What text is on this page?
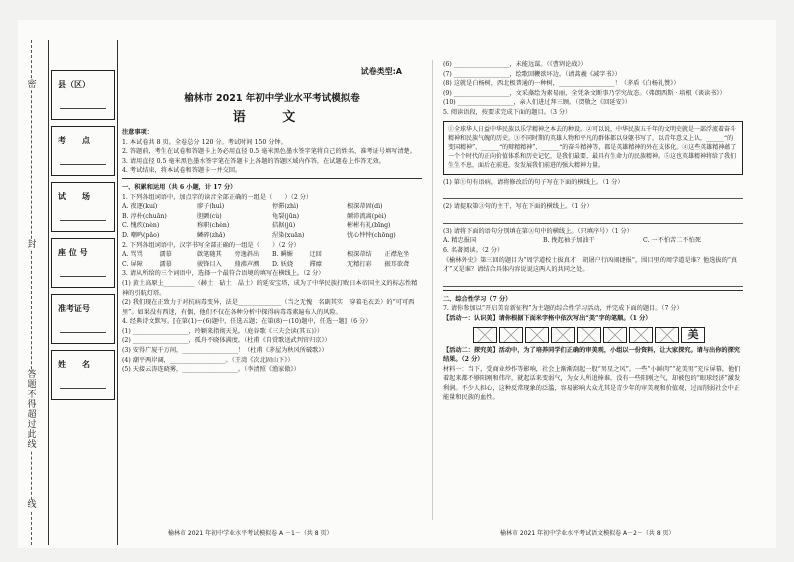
密
封
答题不得超过此线
线
县（区）
考　　点
试　　场
座 位 号
准考证号
姓　　名
试卷类型:A
榆林市 2021 年初中学业水平考试模拟卷
语 文
注意事项：
1. 本试卷共 8 页。全卷总分 120 分。考试时间 150 分钟。
2. 答题前，考生在试卷和答题卡上务必用直径 0.5 毫米黑色墨水签字笔将自己的姓名、准考证号填写清楚。
3. 请用直径 0.5 毫米黑色墨水签字笔在答题卡上各题的答题区域内作答，在试题卷上作答无效。
4. 考试结束，将本试卷和答题卡一并交回。
一、积累和运用（共 6 小题，计 17 分）
1. 下列各组词语中，加点字的读音全部正确的一组是（　　）（2 分）
A. 夜逐(kuí)	廖子(huì)	停滞(zhì)	根深蒂固(dì)
B. 淳朴(chuān)	胆颤(cù)	龟裂(jūn)	颠沛流离(pèi)
C. 愧疚(nèn)	称职(chèn)	拮据(jū)	彬彬有礼(bīng)
D. 嘲鸣(pǎo)	鳞碎(zhǎ)	涅染(xuān)	忧心忡忡(chōng)
2. 下列各组词语中，汉字书写全部正确的一组是（　　）（2 分）
A. 骂骂	濡慕	啟笔随其	旁逸斜出	B. 瞬媚	迂回	根深蒂结	正襟危坐
C. 屏障	濡慕	骏锋目入	鼎沸声溯	D. 妖娆	滞瘴	无精打彩	振耳欲聋
3. 请从所给的三个词语中，选择一个最符合语境的填写在横线上。（2 分）
(1) 黄土高原上__________（赫土　砧土　晶土）的延安宝塔，成为了中华民族打败日本帝国主义的标志性精神的引航灯塔。
(2) 我们现在正致力于对抗病毒变异，法是______________（当之无愧　名副其实　穿着毛衣丢）的“可可西里”。如果没有西迷，有偶，他们不仅在各种分析中探得病毒毒素遍布人的风险。
4. 经典诗文默写。[在第(1)～(6)题中，任选五题；在第(8)～(10)题中，任选一题]（6 分）
(1) __________________，玲颖来指彻天见。（庭谷歌《三夫会读(其五)》）
(2) __________________，孤舟不晓体满度。（杜甫《自赏歌送武判官归京》）
(3) 安得广厦千万间，__________________！（杜甫《茅屋为秋风所破歌》）
(4) 潮平两岸阔，__________________。（王湾《次北固山下》）
(5) 天接云涛连晓雾，__________________。（李清照《渔家傲》）
榆林市 2021 年初中学业水平考试模拟卷 A －1－（共 8 页）
(6) __________________，未能远谋。（《曹刿论战》）
(7) __________________，绘歌回鞭欲坏边。（请蒿羲《减字书》）
(8) 这就是白杨树，西北极普通的一种树，__________________！（茅盾《白杨礼赞》）
(9) __________________，文采藻绘为素易丽，全凭条文断事乃学究故态。（弗朗西斯 · 培根《谈读书》）
(10) __________________，亲人们进过拜三顾。（贺敬之《回延安》）
5. 阅读语段，按要求完成下面的题目。（3 分）
①全球华人日益中华民族以乐学精神之本去的种设。②可以说，中华民族五千年的文明史就是一部浮流着奋斗精神和民族气魄的历史。③不同时期的英雄人物和平凡的群体都以身躯书写了，以青年意义上认，______“的变国精神”，______“的辩精精神”，______“的奋斗精神等，都是英雄精神的外在支体化。④这些英雄精神蕴了一个个时代的正向价值体系和历史记忆，是我们最要、最具有生命力的民族精神。⑤这也英雄精神将给了我们生生不息，面后在前进，发发展我们前进的强大精神力量。
(1) 第①句有语病，请将修改后的句子写在下面的横线上。（1 分）
(2) 请提取第③句的主干，写在下面的横线上。（1 分）
(3) 请将下面的语句分别填在第③句中的横线上。（只填序号）（1 分）
A. 精忠报国	B. 挽起袖子加油干	C. 一不怕苦二不怕死
6. 名著阅读。（2 分）
《榆林外史》第三回的题目为“周学道校士拔真才　胡屠户行凶闹捷报”，围目里的周学道是谁？他选拔的“真才”又是谁？请结合具体内容说说这两人的共同之处。
二、综合性学习（7 分）
7. 请你参加以“开启美育新征程”为主题的综合性学习活动，并完成下面的题目。（7 分）
【活动一：认识美】请你根据下面米字格中依次写出“美”字的笔顺。（1 分）
美
【活动二：探究美】活动中，为了培养同学们正确的审美观，小组以一份资料，让大家探究。请与出你的探究结果。（2 分）
材料一：当下，受商业炒作等影响，社会上渐渐刮起一股“男星之风”。一些“小鲜肉”“花美男”充斥屏幕，他们着起来都不够阳刚和伟岸，就起话来变弱气，为女人所追捧谁，没有一些阳刚之气，却被包的“眼球经济”激发利润。不少人担心，这种反常现象的泛滥，容易影响大众尤其是青少年的审美观和价值观，过而削弱社会中正能量和民族的血性。
榆林市 2021 年初中学业水平考试语文模拟卷 A－2－（共 8 页）
